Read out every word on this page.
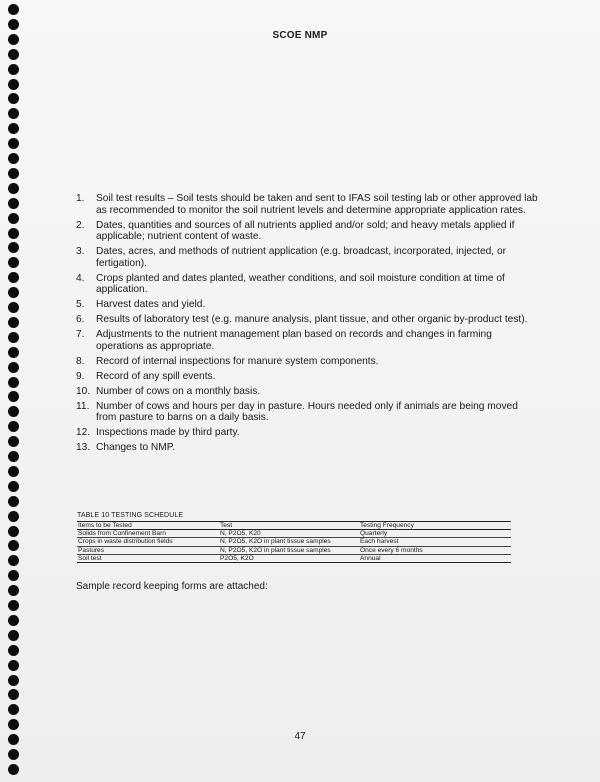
SCOE NMP
1. Soil test results – Soil tests should be taken and sent to IFAS soil testing lab or other approved lab as recommended to monitor the soil nutrient levels and determine appropriate application rates.
2. Dates, quantities and sources of all nutrients applied and/or sold; and heavy metals applied if applicable; nutrient content of waste.
3. Dates, acres, and methods of nutrient application (e.g. broadcast, incorporated, injected, or fertigation).
4. Crops planted and dates planted, weather conditions, and soil moisture condition at time of application.
5. Harvest dates and yield.
6. Results of laboratory test (e.g. manure analysis, plant tissue, and other organic by-product test).
7. Adjustments to the nutrient management plan based on records and changes in farming operations as appropriate.
8. Record of internal inspections for manure system components.
9. Record of any spill events.
10. Number of cows on a monthly basis.
11. Number of cows and hours per day in pasture. Hours needed only if animals are being moved from pasture to barns on a daily basis.
12. Inspections made by third party.
13. Changes to NMP.
TABLE 10 TESTING SCHEDULE
Items to be Tested	Test	Testing Frequency
Solids from Confinement Barn	N, P2O5, K20	Quarterly
Crops in waste distribution fields	N, P2O5, K2O in plant tissue samples	Each harvest
Pastures	N, P2O5, K2O in plant tissue samples	Once every 6 months
Soil test	P2O5, K2O	Annual
Sample record keeping forms are attached:
47
